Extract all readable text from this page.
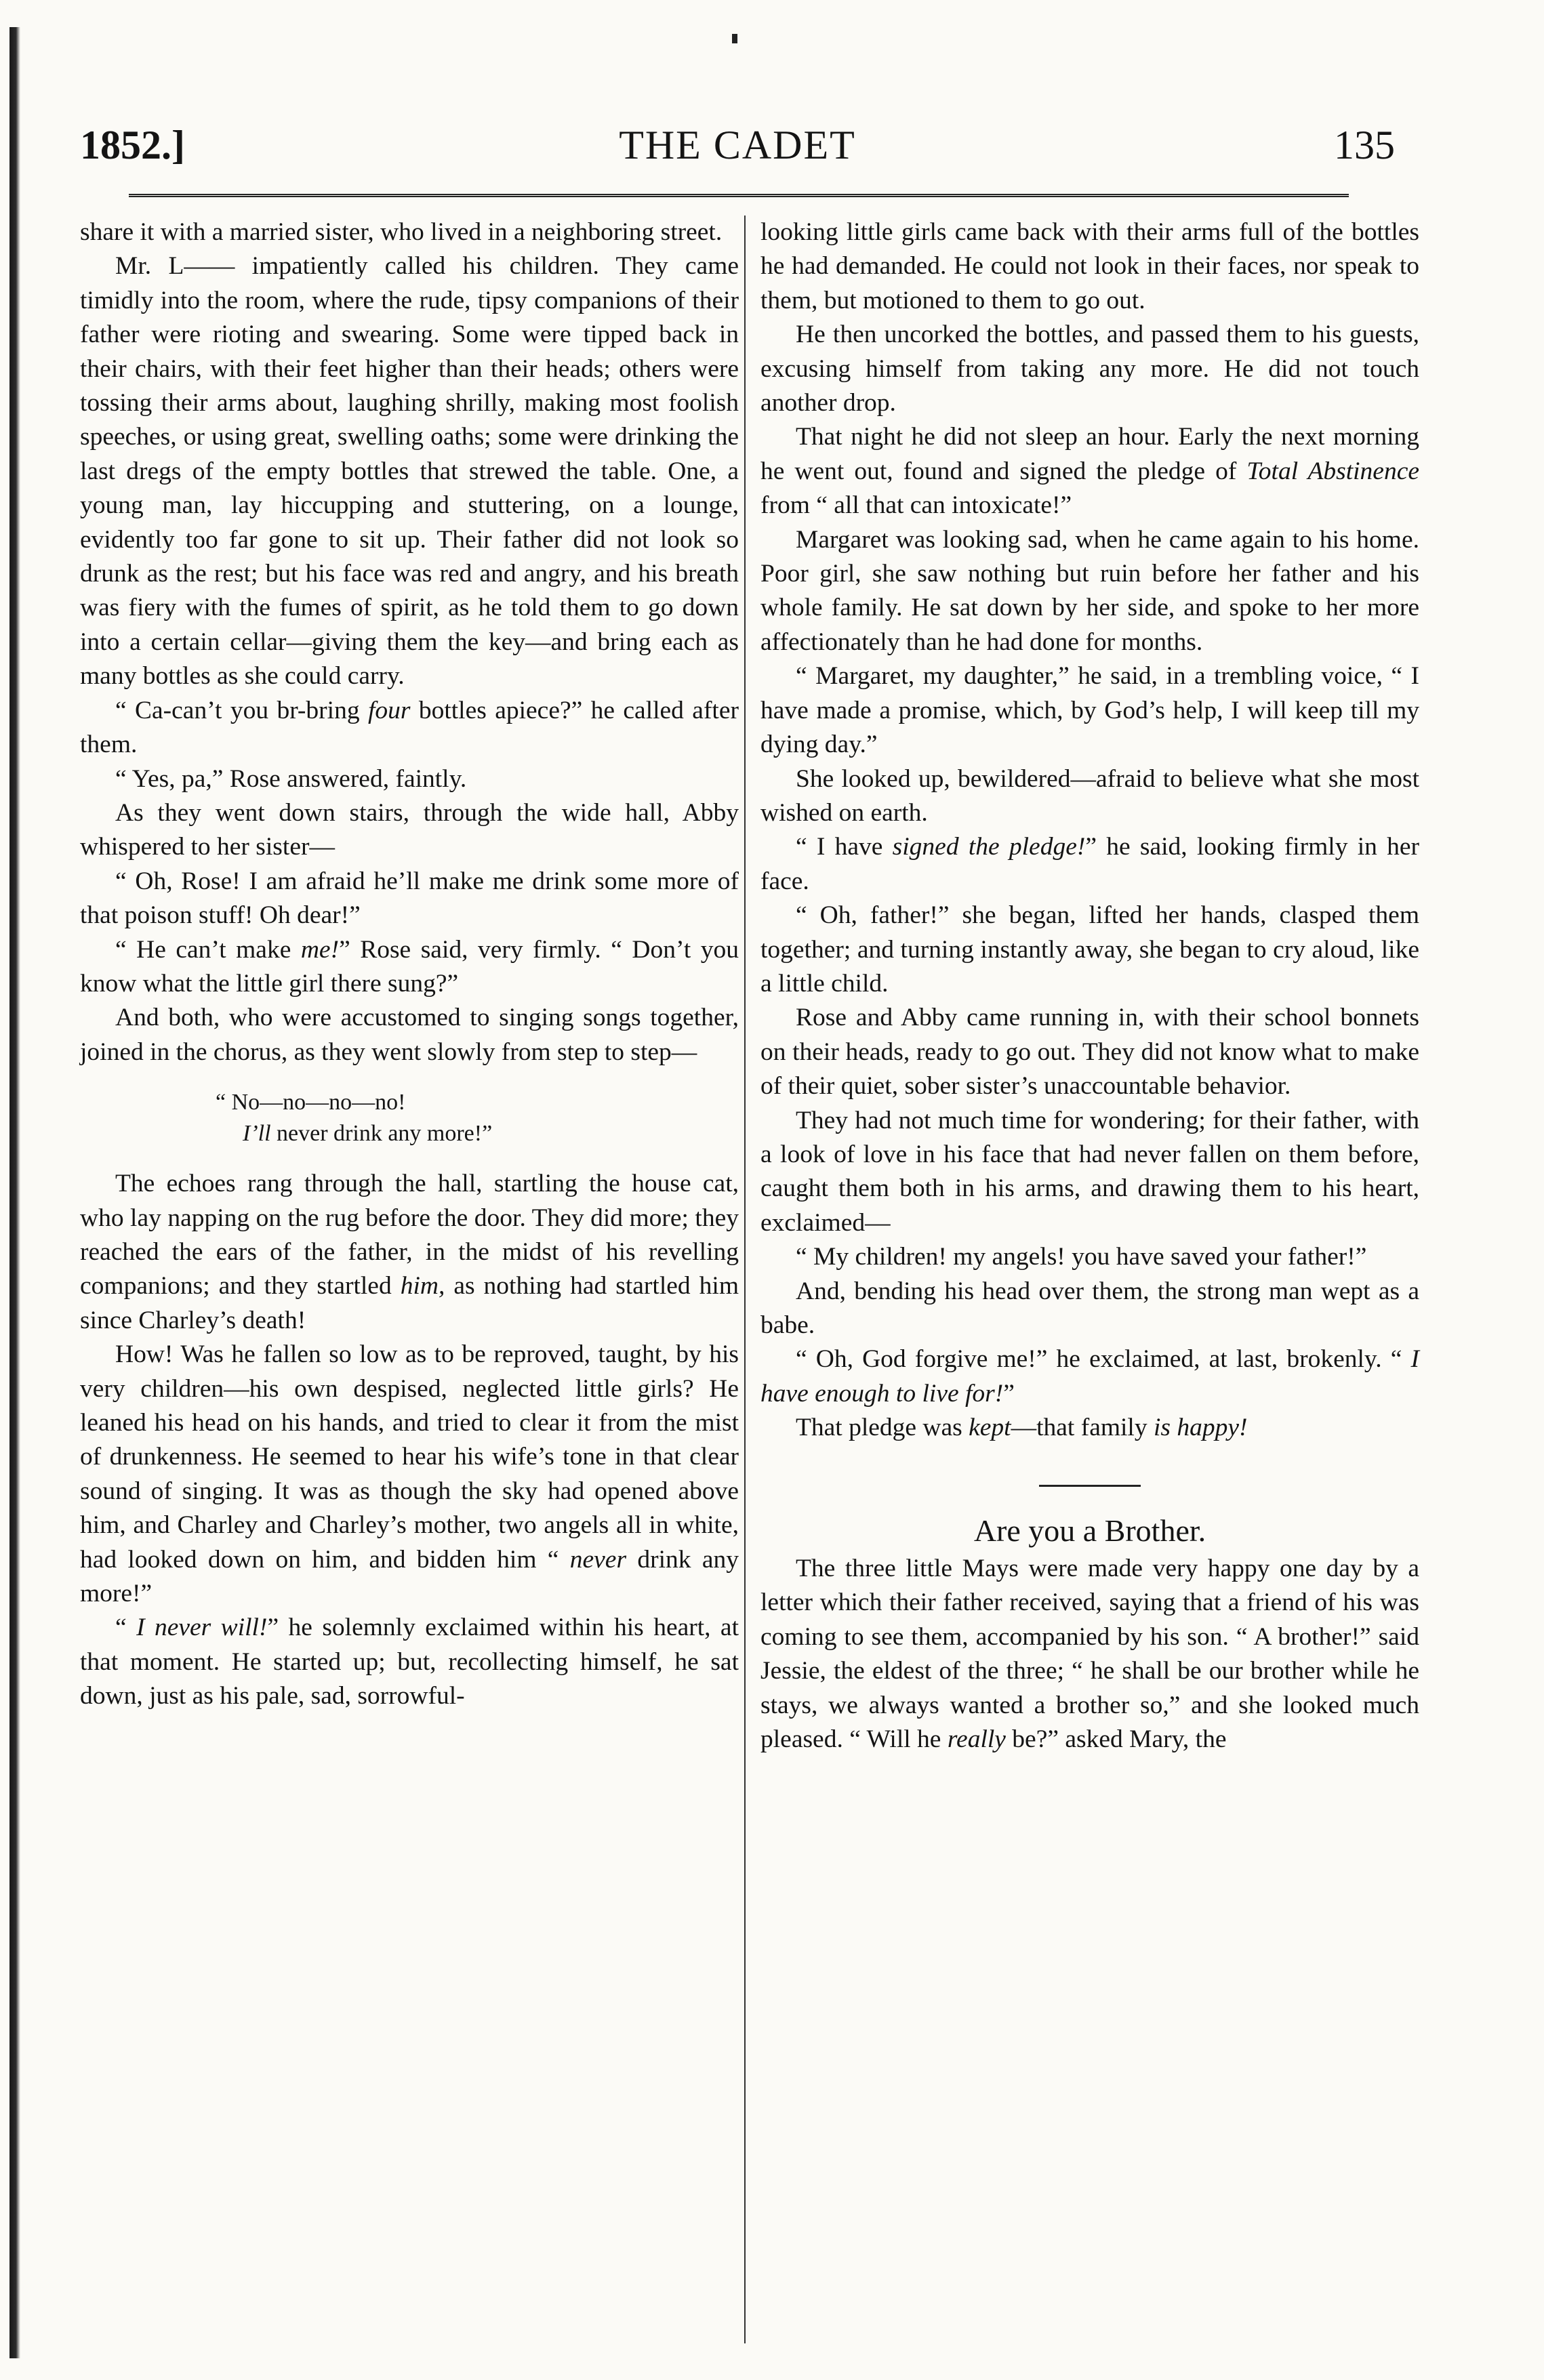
1852.]	THE CADET	135

share it with a married sister, who lived in a neighboring street.

Mr. L—— impatiently called his children. They came timidly into the room, where the rude, tipsy companions of their father were rioting and swearing. Some were tipped back in their chairs, with their feet higher than their heads; others were tossing their arms about, laughing shrilly, making most foolish speeches, or using great, swelling oaths; some were drinking the last dregs of the empty bottles that strewed the table. One, a young man, lay hiccupping and stuttering, on a lounge, evidently too far gone to sit up. Their father did not look so drunk as the rest; but his face was red and angry, and his breath was fiery with the fumes of spirit, as he told them to go down into a certain cellar—giving them the key—and bring each as many bottles as she could carry.

“ Ca-can’t you br-bring four bottles apiece?” he called after them.

“ Yes, pa,” Rose answered, faintly.

As they went down stairs, through the wide hall, Abby whispered to her sister—

“ Oh, Rose! I am afraid he’ll make me drink some more of that poison stuff! Oh dear!”

“ He can’t make me!” Rose said, very firmly. “ Don’t you know what the little girl there sung?”

And both, who were accustomed to singing songs together, joined in the chorus, as they went slowly from step to step—

“ No—no—no—no!
I’ll never drink any more!”

The echoes rang through the hall, startling the house cat, who lay napping on the rug before the door. They did more; they reached the ears of the father, in the midst of his revelling companions; and they startled him, as nothing had startled him since Charley’s death!

How! Was he fallen so low as to be reproved, taught, by his very children—his own despised, neglected little girls? He leaned his head on his hands, and tried to clear it from the mist of drunkenness. He seemed to hear his wife’s tone in that clear sound of singing. It was as though the sky had opened above him, and Charley and Charley’s mother, two angels all in white, had looked down on him, and bidden him “ never drink any more!”

“ I never will!” he solemnly exclaimed within his heart, at that moment. He started up; but, recollecting himself, he sat down, just as his pale, sad, sorrowful-

looking little girls came back with their arms full of the bottles he had demanded. He could not look in their faces, nor speak to them, but motioned to them to go out.

He then uncorked the bottles, and passed them to his guests, excusing himself from taking any more. He did not touch another drop.

That night he did not sleep an hour. Early the next morning he went out, found and signed the pledge of Total Abstinence from “ all that can intoxicate!”

Margaret was looking sad, when he came again to his home. Poor girl, she saw nothing but ruin before her father and his whole family. He sat down by her side, and spoke to her more affectionately than he had done for months.

“ Margaret, my daughter,” he said, in a trembling voice, “ I have made a promise, which, by God’s help, I will keep till my dying day.”

She looked up, bewildered—afraid to believe what she most wished on earth.

“ I have signed the pledge!” he said, looking firmly in her face.

“ Oh, father!” she began, lifted her hands, clasped them together; and turning instantly away, she began to cry aloud, like a little child.

Rose and Abby came running in, with their school bonnets on their heads, ready to go out. They did not know what to make of their quiet, sober sister’s unaccountable behavior.

They had not much time for wondering; for their father, with a look of love in his face that had never fallen on them before, caught them both in his arms, and drawing them to his heart, exclaimed—

“ My children! my angels! you have saved your father!”

And, bending his head over them, the strong man wept as a babe.

“ Oh, God forgive me!” he exclaimed, at last, brokenly. “ I have enough to live for!”

That pledge was kept—that family is happy!

Are you a Brother.

The three little Mays were made very happy one day by a letter which their father received, saying that a friend of his was coming to see them, accompanied by his son. “ A brother!” said Jessie, the eldest of the three; “ he shall be our brother while he stays, we always wanted a brother so,” and she looked much pleased. “ Will he really be?” asked Mary, the
